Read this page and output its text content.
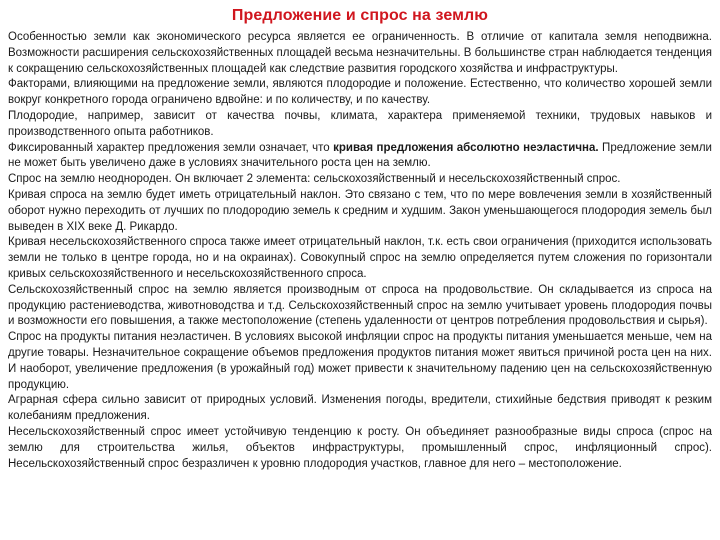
Предложение и спрос на землю

Особенностью земли как экономического ресурса является ее ограниченность. В отличие от капитала земля неподвижна. Возможности расширения сельскохозяйственных площадей весьма незначительны. В большинстве стран наблюдается тенденция к сокращению сельскохозяйственных площадей как следствие развития городского хозяйства и инфраструктуры.

Факторами, влияющими на предложение земли, являются плодородие и положение. Естественно, что количество хорошей земли вокруг конкретного города ограничено вдвойне: и по количеству, и по качеству.

Плодородие, например, зависит от качества почвы, климата, характера применяемой техники, трудовых навыков и производственного опыта работников.

Фиксированный характер предложения земли означает, что кривая предложения абсолютно неэластична. Предложение земли не может быть увеличено даже в условиях значительного роста цен на землю.

Спрос на землю неоднороден. Он включает 2 элемента: сельскохозяйственный и несельскохозяйственный спрос.

Кривая спроса на землю будет иметь отрицательный наклон. Это связано с тем, что по мере вовлечения земли в хозяйственный оборот нужно переходить от лучших по плодородию земель к средним и худшим. Закон уменьшающегося плодородия земель был выведен в XIX веке Д. Рикардо.

Кривая несельскохозяйственного спроса также имеет отрицательный наклон, т.к. есть свои ограничения (приходится использовать земли не только в центре города, но и на окраинах). Совокупный спрос на землю определяется путем сложения по горизонтали кривых сельскохозяйственного и несельскохозяйственного спроса.

Сельскохозяйственный спрос на землю является производным от спроса на продовольствие. Он складывается из спроса на продукцию растениеводства, животноводства и т.д. Сельскохозяйственный спрос на землю учитывает уровень плодородия почвы и возможности его повышения, а также местоположение (степень удаленности от центров потребления продовольствия и сырья).

Спрос на продукты питания неэластичен. В условиях высокой инфляции спрос на продукты питания уменьшается меньше, чем на другие товары. Незначительное сокращение объемов предложения продуктов питания может явиться причиной роста цен на них. И наоборот, увеличение предложения (в урожайный год) может привести к значительному падению цен на сельскохозяйственную продукцию.

Аграрная сфера сильно зависит от природных условий. Изменения погоды, вредители, стихийные бедствия приводят к резким колебаниям предложения.

Несельскохозяйственный спрос имеет устойчивую тенденцию к росту. Он объединяет разнообразные виды спроса (спрос на землю для строительства жилья, объектов инфраструктуры, промышленный спрос, инфляционный спрос). Несельскохозяйственный спрос безразличен к уровню плодородия участков, главное для него – местоположение.
